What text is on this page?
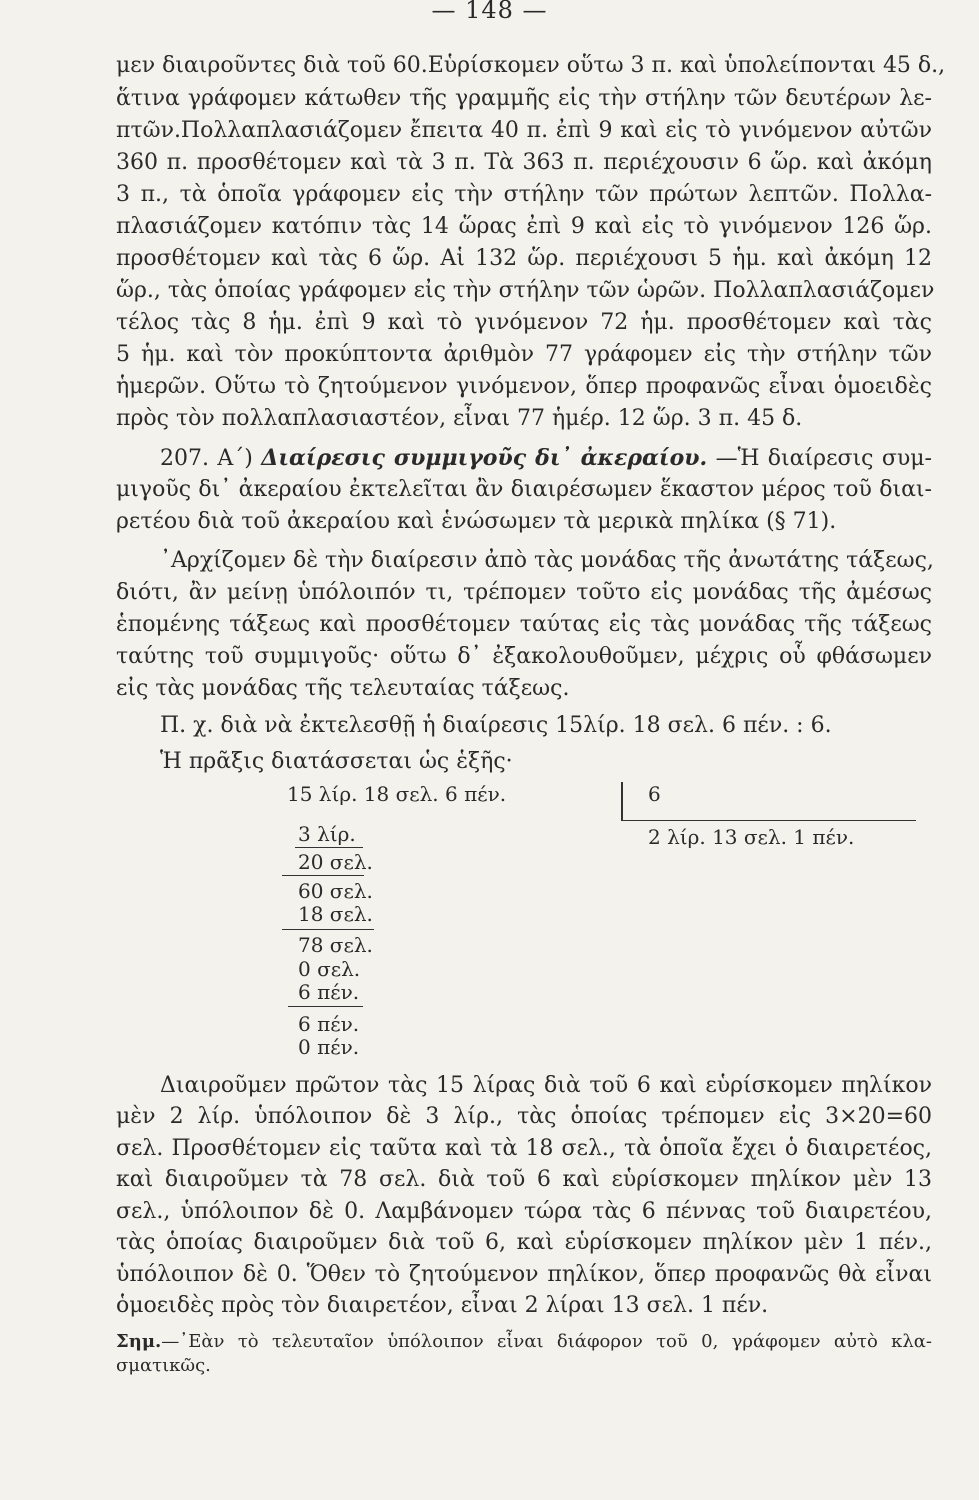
— 148 —
μεν διαιροῦντες διὰ τοῦ 60.Εὑρίσκομεν οὕτω 3 π. καὶ ὑπολείπονται 45 δ.,
ἅτινα γράφομεν κάτωθεν τῆς γραμμῆς εἰς τὴν στήλην τῶν δευτέρων λε-
πτῶν.Πολλαπλασιάζομεν ἔπειτα 40 π. ἐπὶ 9 καὶ εἰς τὸ γινόμενον αὐτῶν
360 π. προσθέτομεν καὶ τὰ 3 π. Τὰ 363 π. περιέχουσιν 6 ὥρ. καὶ ἀκόμη
3 π., τὰ ὁποῖα γράφομεν εἰς τὴν στήλην τῶν πρώτων λεπτῶν. Πολλα-
πλασιάζομεν κατόπιν τὰς 14 ὥρας ἐπὶ 9 καὶ εἰς τὸ γινόμενον 126 ὥρ.
προσθέτομεν καὶ τὰς 6 ὥρ. Αἱ 132 ὥρ. περιέχουσι 5 ἡμ. καὶ ἀκόμη 12
ὥρ., τὰς ὁποίας γράφομεν εἰς τὴν στήλην τῶν ὡρῶν. Πολλαπλασιάζομεν
τέλος τὰς 8 ἡμ. ἐπὶ 9 καὶ τὸ γινόμενον 72 ἡμ. προσθέτομεν καὶ τὰς
5 ἡμ. καὶ τὸν προκύπτοντα ἀριθμὸν 77 γράφομεν εἰς τὴν στήλην τῶν
ἡμερῶν. Οὕτω τὸ ζητούμενον γινόμενον, ὅπερ προφανῶς εἶναι ὁμοειδὲς
πρὸς τὸν πολλαπλασιαστέον, εἶναι 77 ἡμέρ. 12 ὥρ. 3 π. 45 δ.
207. Α΄) Διαίρεσις συμμιγοῦς δι᾽ ἀκεραίου. —Ἡ διαίρεσις συμ-
μιγοῦς δι᾽ ἀκεραίου ἐκτελεῖται ἂν διαιρέσωμεν ἕκαστον μέρος τοῦ διαι-
ρετέου διὰ τοῦ ἀκεραίου καὶ ἑνώσωμεν τὰ μερικὰ πηλίκα (§ 71).
᾽Αρχίζομεν δὲ τὴν διαίρεσιν ἀπὸ τὰς μονάδας τῆς ἀνωτάτης τάξεως,
διότι, ἂν μείνῃ ὑπόλοιπόν τι, τρέπομεν τοῦτο εἰς μονάδας τῆς ἀμέσως
ἑπομένης τάξεως καὶ προσθέτομεν ταύτας εἰς τὰς μονάδας τῆς τάξεως
ταύτης τοῦ συμμιγοῦς· οὕτω δ᾽ ἐξακολουθοῦμεν, μέχρις οὗ φθάσωμεν
εἰς τὰς μονάδας τῆς τελευταίας τάξεως.
Π. χ. διὰ νὰ ἐκτελεσθῇ ἡ διαίρεσις 15λίρ. 18 σελ. 6 πέν. : 6.
Ἡ πρᾶξις διατάσσεται ὡς ἑξῆς·
15 λίρ. 18 σελ. 6 πέν.	6
2 λίρ. 13 σελ. 1 πέν.
3 λίρ.
20 σελ.
60 σελ.
18 σελ.
78 σελ.
0 σελ.
6 πέν.
6 πέν.
0 πέν.
Διαιροῦμεν πρῶτον τὰς 15 λίρας διὰ τοῦ 6 καὶ εὑρίσκομεν πηλίκον
μὲν 2 λίρ. ὑπόλοιπον δὲ 3 λίρ., τὰς ὁποίας τρέπομεν εἰς 3×20=60
σελ. Προσθέτομεν εἰς ταῦτα καὶ τὰ 18 σελ., τὰ ὁποῖα ἔχει ὁ διαιρετέος,
καὶ διαιροῦμεν τὰ 78 σελ. διὰ τοῦ 6 καὶ εὑρίσκομεν πηλίκον μὲν 13
σελ., ὑπόλοιπον δὲ 0. Λαμβάνομεν τώρα τὰς 6 πέννας τοῦ διαιρετέου,
τὰς ὁποίας διαιροῦμεν διὰ τοῦ 6, καὶ εὑρίσκομεν πηλίκον μὲν 1 πέν.,
ὑπόλοιπον δὲ 0. Ὅθεν τὸ ζητούμενον πηλίκον, ὅπερ προφανῶς θὰ εἶναι
ὁμοειδὲς πρὸς τὸν διαιρετέον, εἶναι 2 λίραι 13 σελ. 1 πέν.
Σημ.—᾽Εὰν τὸ τελευταῖον ὑπόλοιπον εἶναι διάφορον τοῦ 0, γράφομεν αὐτὸ κλα-
σματικῶς.
